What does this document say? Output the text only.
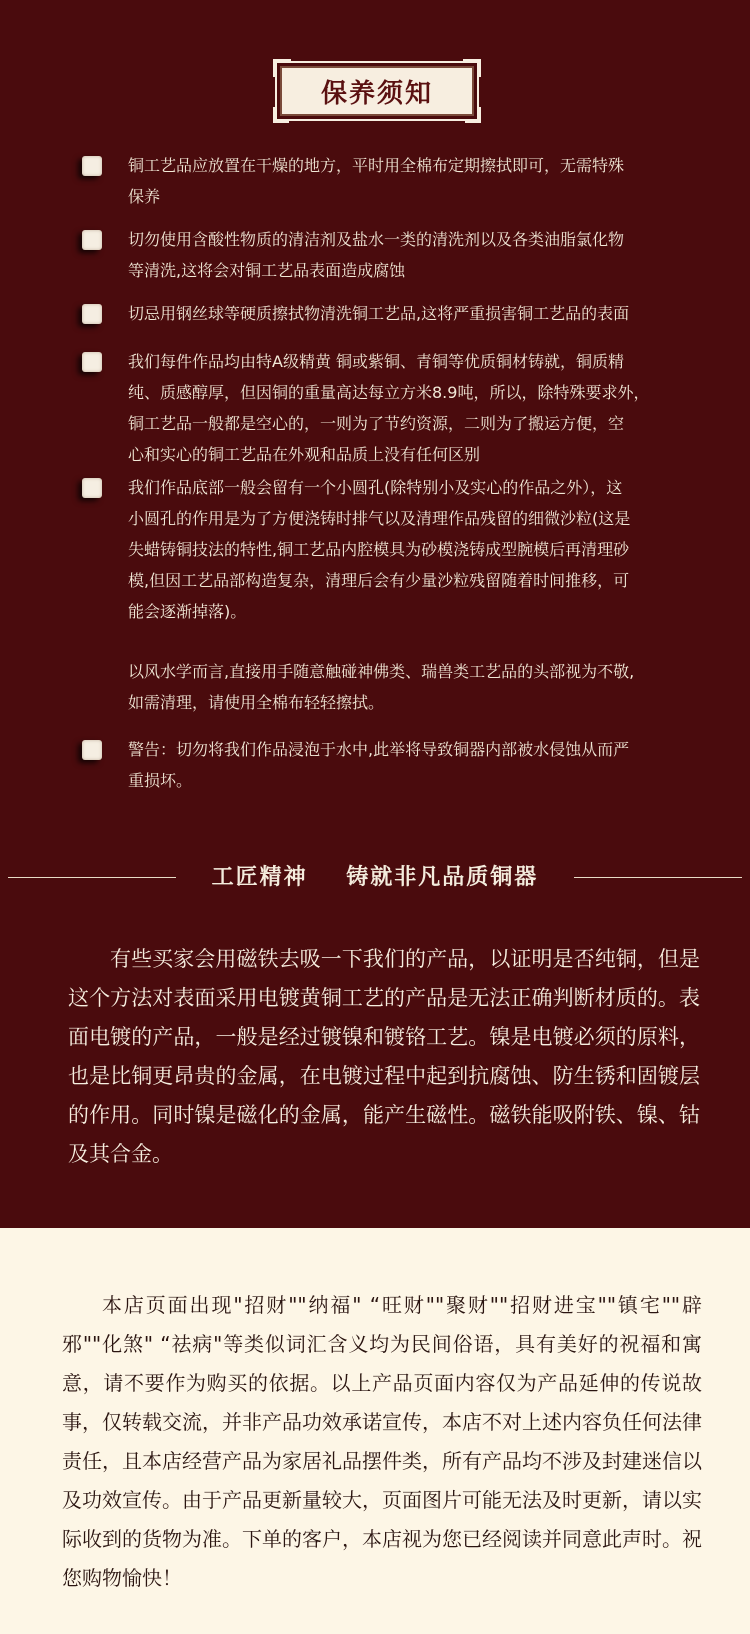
保养须知
铜工艺品应放置在干燥的地方，平时用全棉布定期擦拭即可，无需特殊
保养
切勿使用含酸性物质的清洁剂及盐水一类的清洗剂以及各类油脂氯化物
等清洗,这将会对铜工艺品表面造成腐蚀
切忌用钢丝球等硬质擦拭物清洗铜工艺品,这将严重损害铜工艺品的表面
我们每件作品均由特A级精黄 铜或紫铜、青铜等优质铜材铸就，铜质精
纯、质感醇厚，但因铜的重量高达每立方米8.9吨，所以，除特殊要求外，
铜工艺品一般都是空心的，一则为了节约资源，二则为了搬运方便，空
心和实心的铜工艺品在外观和品质上没有任何区别
我们作品底部一般会留有一个小圆孔(除特别小及实心的作品之外），这
小圆孔的作用是为了方便浇铸时排气以及清理作品残留的细微沙粒(这是
失蜡铸铜技法的特性,铜工艺品内腔模具为砂模浇铸成型腕模后再清理砂
模,但因工艺品部构造复杂，清理后会有少量沙粒残留随着时间推移，可
能会逐渐掉落)。
以风水学而言,直接用手随意触碰神佛类、瑞兽类工艺品的头部视为不敬,
如需清理，请使用全棉布轻轻擦拭。
警告：切勿将我们作品浸泡于水中,此举将导致铜器内部被水侵蚀从而严
重损坏。
工匠精神    铸就非凡品质铜器

有些买家会用磁铁去吸一下我们的产品，以证明是否纯铜，但是这个方法对表面采用电镀黄铜工艺的产品是无法正确判断材质的。表面电镀的产品，一般是经过镀镍和镀铬工艺。镍是电镀必须的原料，也是比铜更昂贵的金属，在电镀过程中起到抗腐蚀、防生锈和固镀层的作用。同时镍是磁化的金属，能产生磁性。磁铁能吸附铁、镍、钴及其合金。

本店页面出现"招财""纳福" “旺财""聚财""招财进宝""镇宅""辟邪""化煞" “祛病"等类似词汇含义均为民间俗语，具有美好的祝福和寓意，请不要作为购买的依据。以上产品页面内容仅为产品延伸的传说故事，仅转载交流，并非产品功效承诺宣传，本店不对上述内容负任何法律责任，且本店经营产品为家居礼品摆件类，所有产品均不涉及封建迷信以及功效宣传。由于产品更新量较大，页面图片可能无法及时更新，请以实际收到的货物为准。下单的客户，本店视为您已经阅读并同意此声时。祝您购物愉快！
